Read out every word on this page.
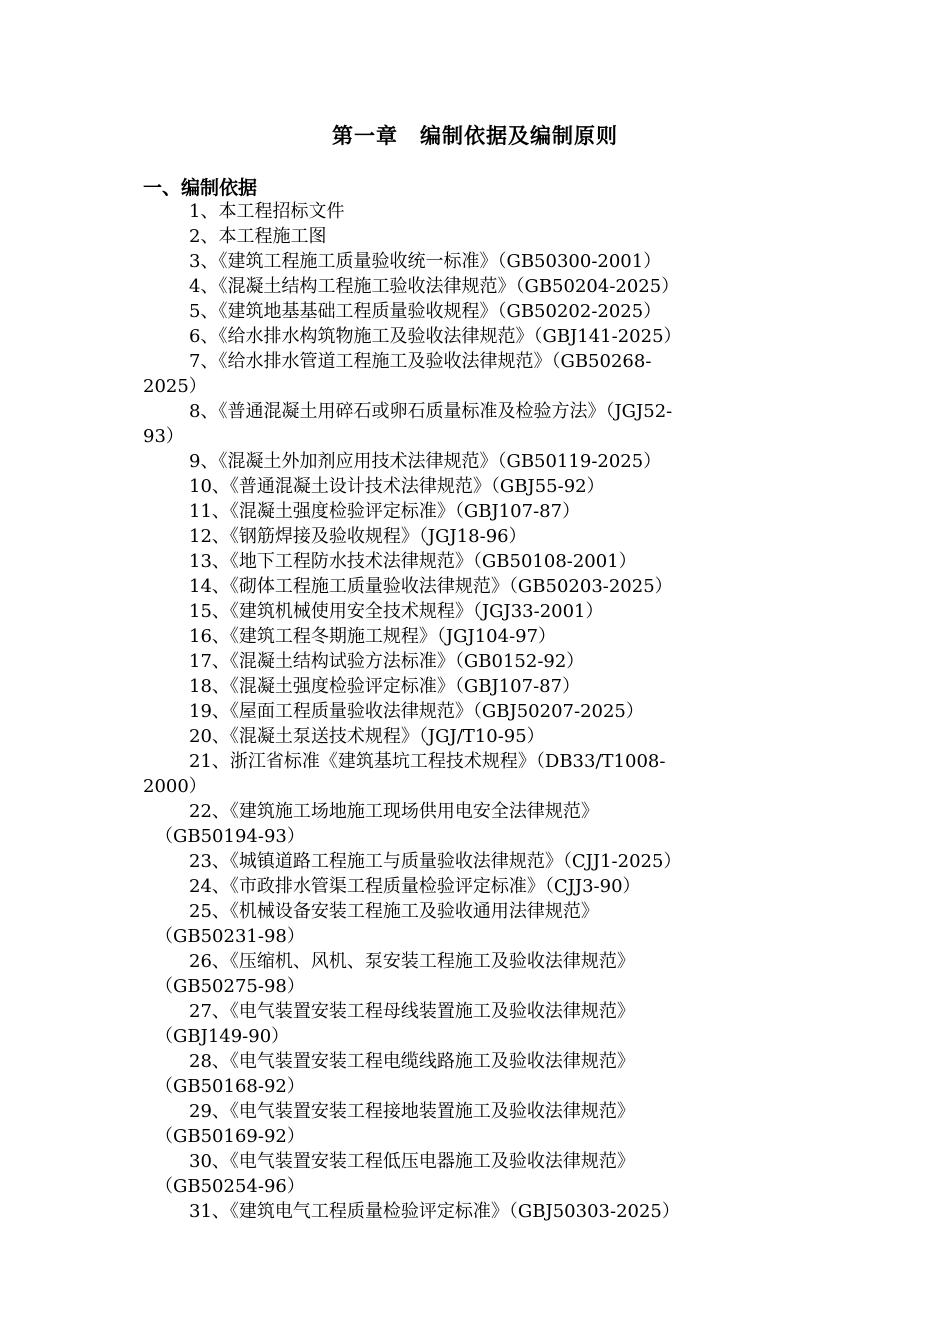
第一章　编制依据及编制原则
一、编制依据
1、本工程招标文件
2、本工程施工图
3、《建筑工程施工质量验收统一标准》（GB50300-2001）
4、《混凝土结构工程施工验收法律规范》（GB50204-2025）
5、《建筑地基基础工程质量验收规程》（GB50202-2025）
6、《给水排水构筑物施工及验收法律规范》（GBJ141-2025）
7、《给水排水管道工程施工及验收法律规范》（GB50268-
2025）
8、《普通混凝土用碎石或卵石质量标准及检验方法》（JGJ52-
93）
9、《混凝土外加剂应用技术法律规范》（GB50119-2025）
10、《普通混凝土设计技术法律规范》（GBJ55-92）
11、《混凝土强度检验评定标准》（GBJ107-87）
12、《钢筋焊接及验收规程》（JGJ18-96）
13、《地下工程防水技术法律规范》（GB50108-2001）
14、《砌体工程施工质量验收法律规范》（GB50203-2025）
15、《建筑机械使用安全技术规程》（JGJ33-2001）
16、《建筑工程冬期施工规程》（JGJ104-97）
17、《混凝土结构试验方法标准》（GB0152-92）
18、《混凝土强度检验评定标准》（GBJ107-87）
19、《屋面工程质量验收法律规范》（GBJ50207-2025）
20、《混凝土泵送技术规程》（JGJ/T10-95）
21、浙江省标准《建筑基坑工程技术规程》（DB33/T1008-
2000）
22、《建筑施工场地施工现场供用电安全法律规范》
（GB50194-93）
23、《城镇道路工程施工与质量验收法律规范》（CJJ1-2025）
24、《市政排水管渠工程质量检验评定标准》（CJJ3-90）
25、《机械设备安装工程施工及验收通用法律规范》
（GB50231-98）
26、《压缩机、风机、泵安装工程施工及验收法律规范》
（GB50275-98）
27、《电气装置安装工程母线装置施工及验收法律规范》
（GBJ149-90）
28、《电气装置安装工程电缆线路施工及验收法律规范》
（GB50168-92）
29、《电气装置安装工程接地装置施工及验收法律规范》
（GB50169-92）
30、《电气装置安装工程低压电器施工及验收法律规范》
（GB50254-96）
31、《建筑电气工程质量检验评定标准》（GBJ50303-2025）
